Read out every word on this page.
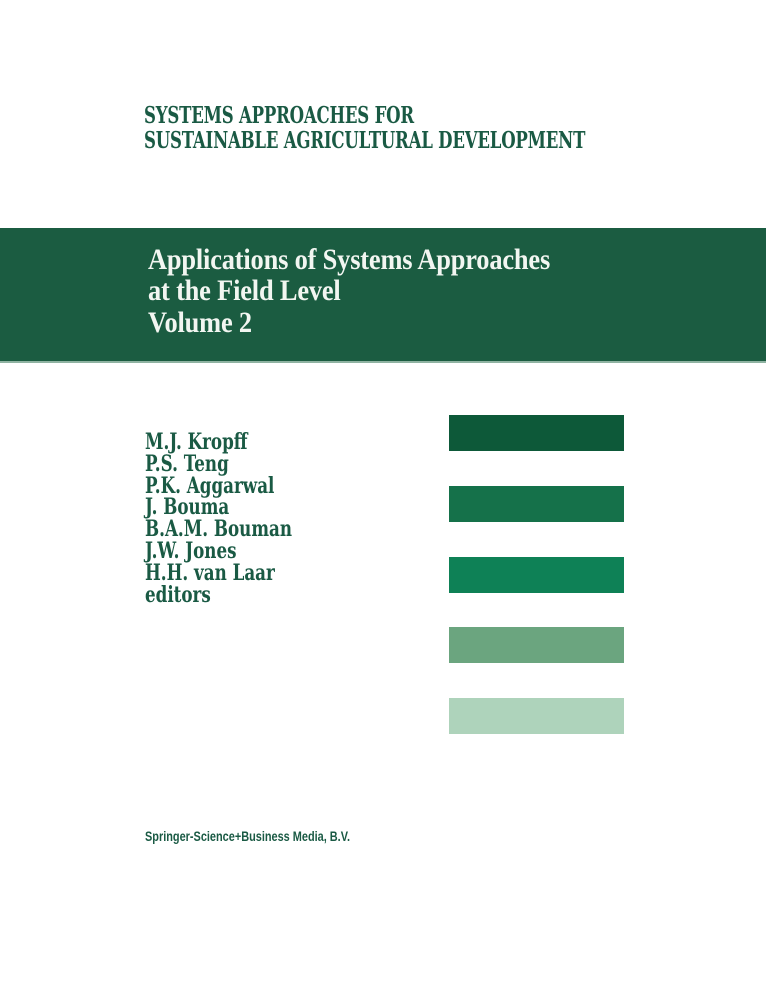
SYSTEMS APPROACHES FOR
SUSTAINABLE AGRICULTURAL DEVELOPMENT
Applications of Systems Approaches
at the Field Level
Volume 2
M.J. Kropff
P.S. Teng
P.K. Aggarwal
J. Bouma
B.A.M. Bouman
J.W. Jones
H.H. van Laar
editors
Springer-Science+Business Media, B.V.
